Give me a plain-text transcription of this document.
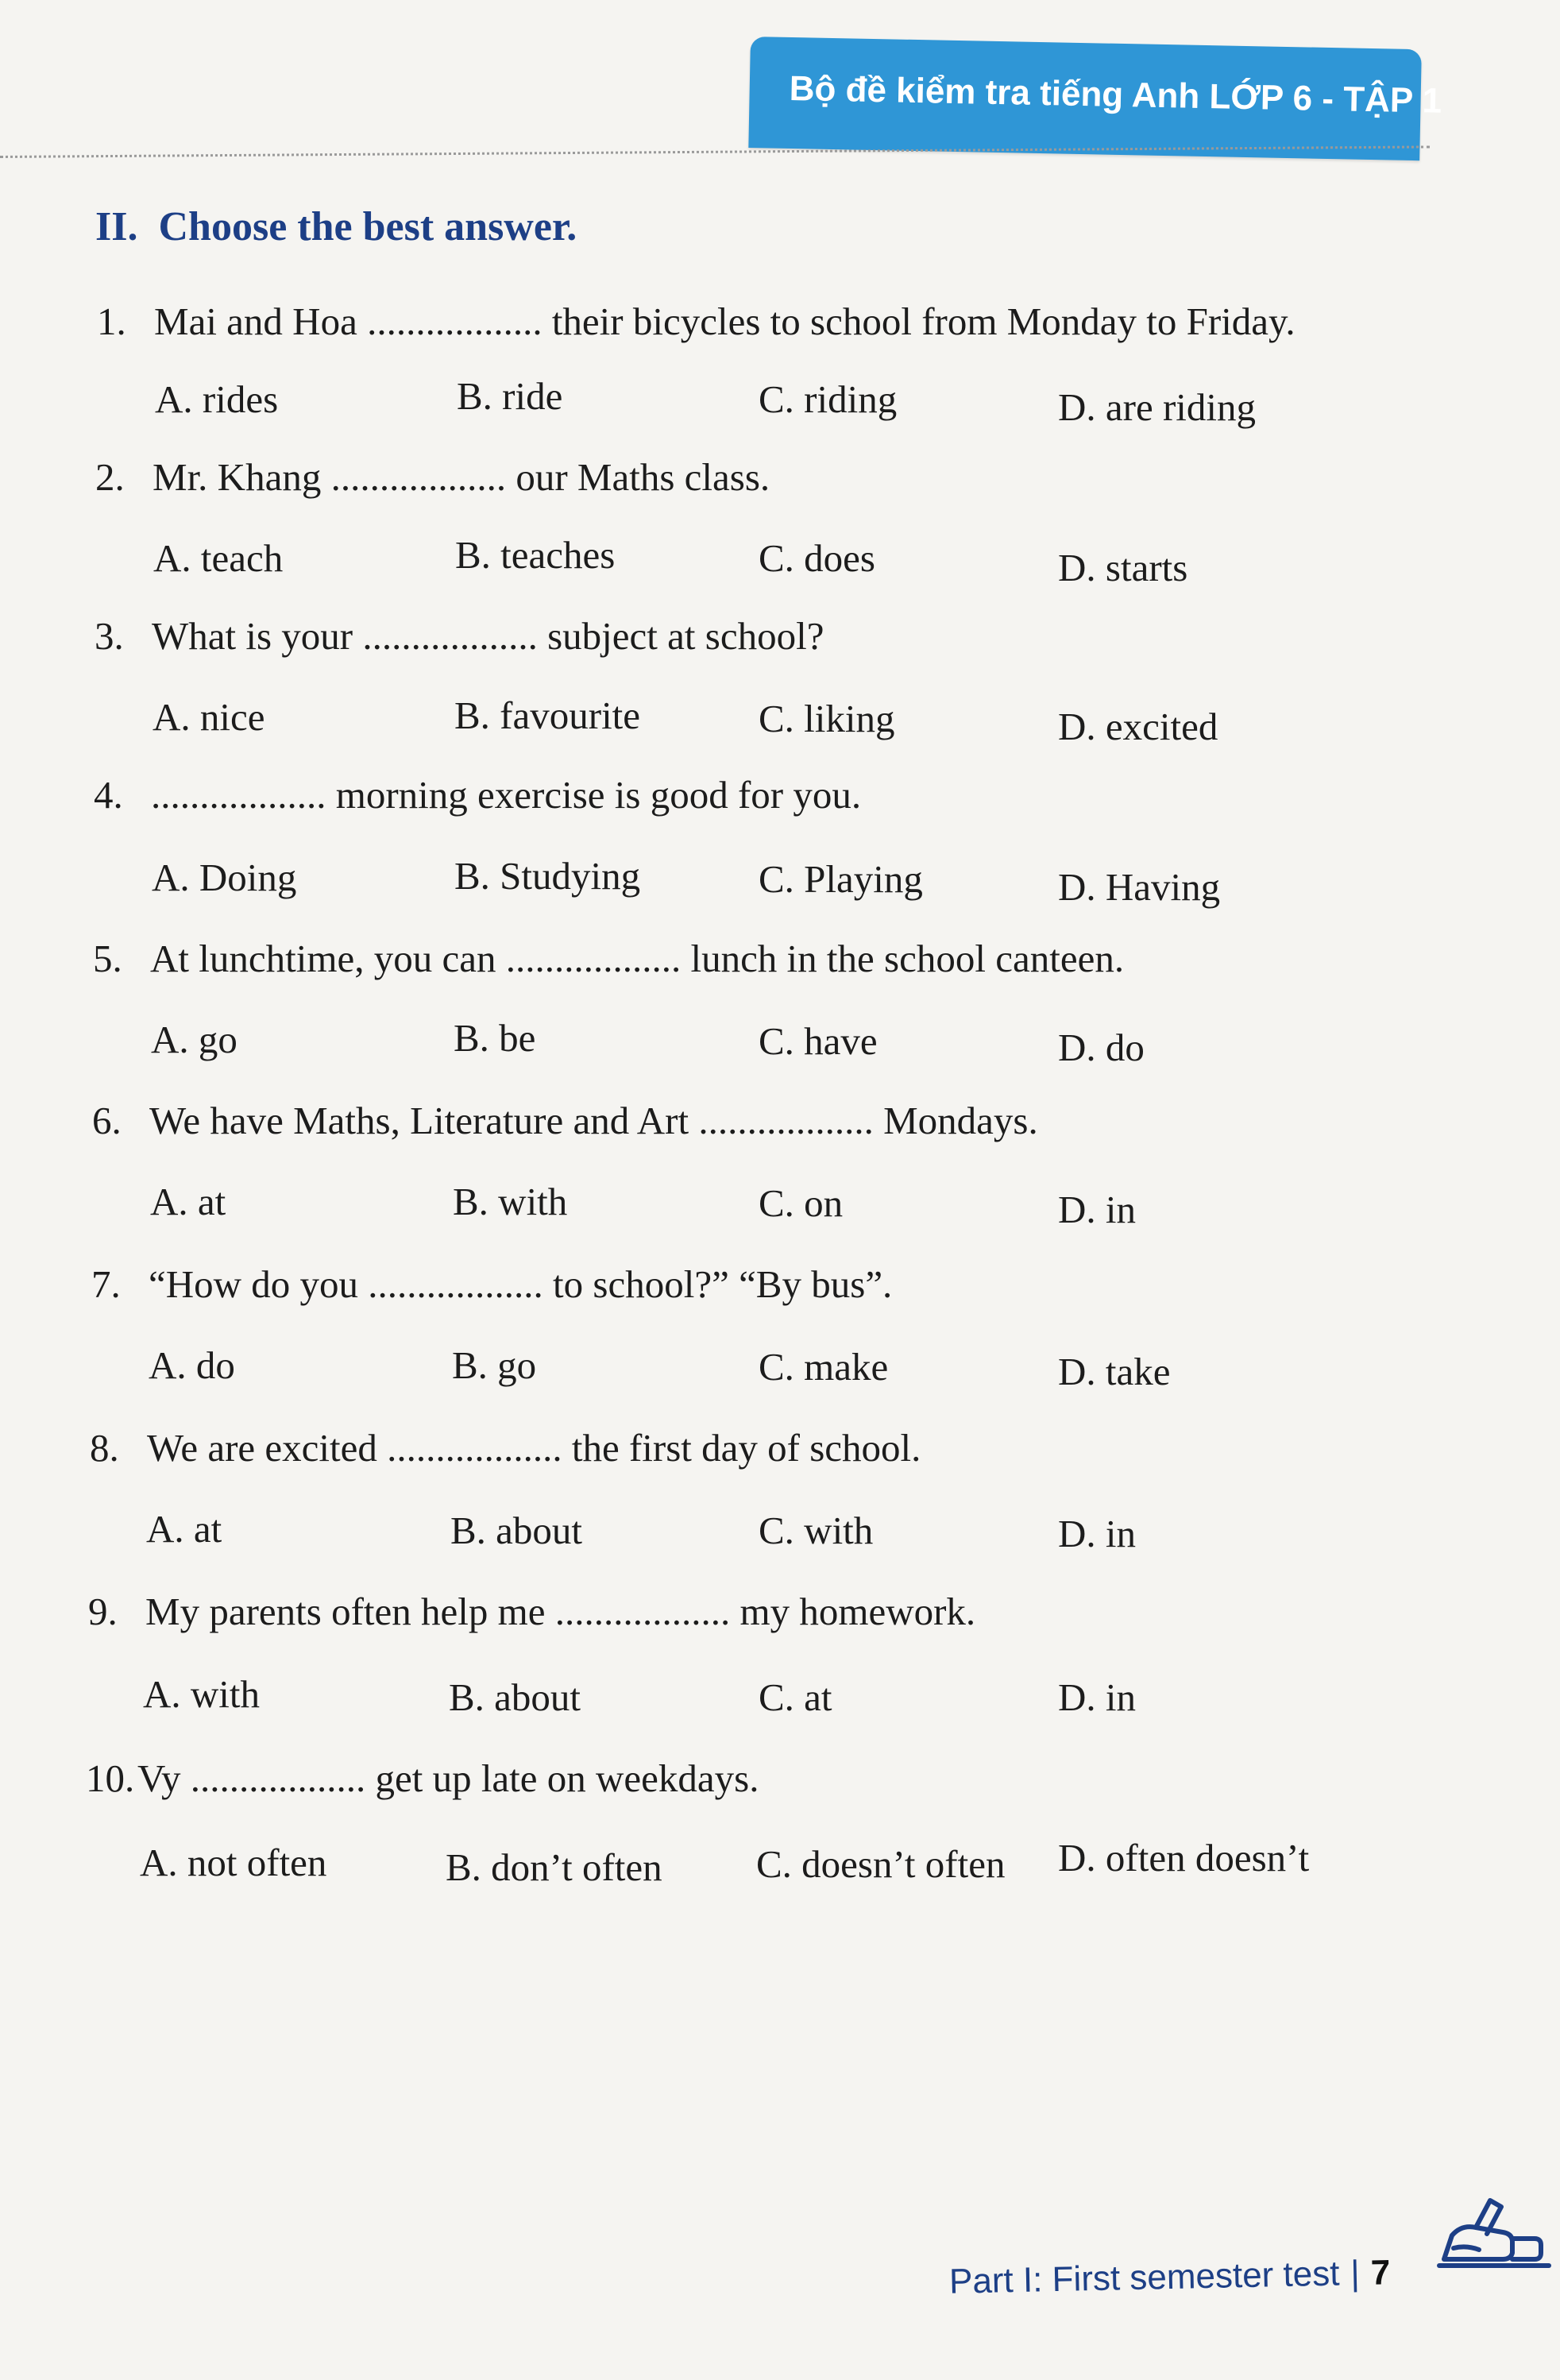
Bộ đề kiểm tra tiếng Anh LỚP 6 - TẬP 1
II. Choose the best answer.
1. Mai and Hoa .................. their bicycles to school from Monday to Friday.
A. rides	B. ride	C. riding	D. are riding
2. Mr. Khang .................. our Maths class.
A. teach	B. teaches	C. does	D. starts
3. What is your .................. subject at school?
A. nice	B. favourite	C. liking	D. excited
4. .................. morning exercise is good for you.
A. Doing	B. Studying	C. Playing	D. Having
5. At lunchtime, you can .................. lunch in the school canteen.
A. go	B. be	C. have	D. do
6. We have Maths, Literature and Art .................. Mondays.
A. at	B. with	C. on	D. in
7. “How do you .................. to school?” “By bus”.
A. do	B. go	C. make	D. take
8. We are excited .................. the first day of school.
A. at	B. about	C. with	D. in
9. My parents often help me .................. my homework.
A. with	B. about	C. at	D. in
10.Vy .................. get up late on weekdays.
A. not often	B. don’t often C. doesn’t often D. often doesn’t
Part I: First semester test | 7
